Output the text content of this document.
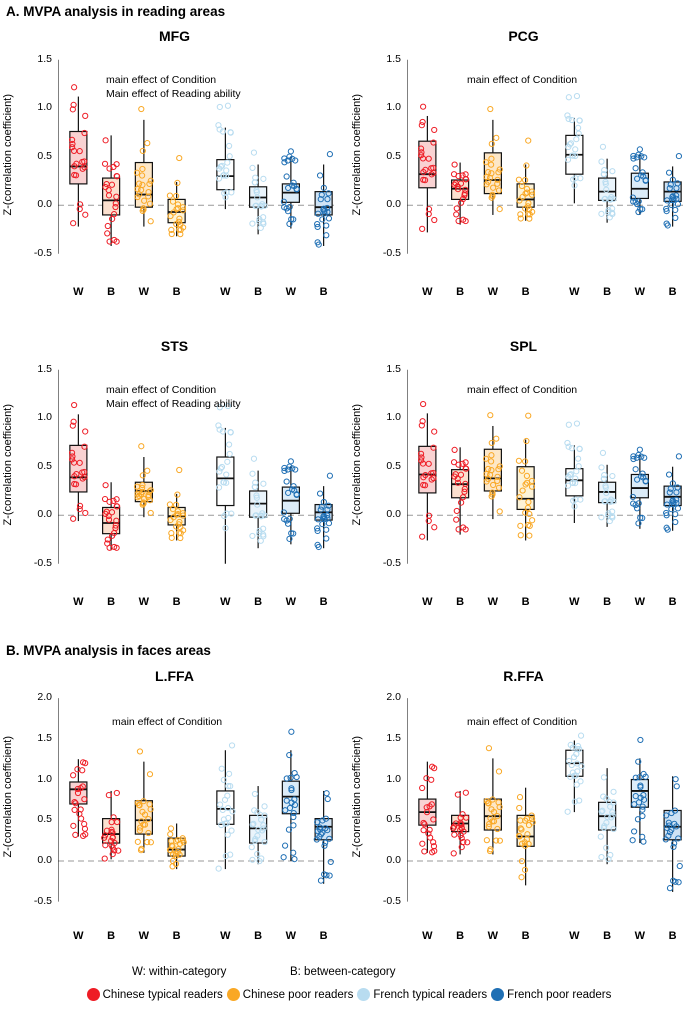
A. MVPA analysis in reading areas
B. MVPA analysis in faces areas
MFG
Z-(correlation coefficient)
1.5
1.0
0.5
0.0
-0.5
W	B	W	B	W	B	W	B
main effect of Condition
Main effect of Reading ability
PCG
Z-(correlation coefficient)
1.5
1.0
0.5
0.0
-0.5
W	B	W	B	W	B	W	B
main effect of Condition
STS
Z-(correlation coefficient)
1.5
1.0
0.5
0.0
-0.5
W	B	W	B	W	B	W	B
main effect of Condition
Main effect of Reading ability
SPL
Z-(correlation coefficient)
1.5
1.0
0.5
0.0
-0.5
W	B	W	B	W	B	W	B
main effect of Condition
L.FFA
Z-(correlation coefficient)
2.0
1.5
1.0
0.5
0.0
-0.5
W	B	W	B	W	B	W	B
main effect of Condition
R.FFA
Z-(correlation coefficient)
2.0
1.5
1.0
0.5
0.0
-0.5
W	B	W	B	W	B	W	B
main effect of Condition
W: within-category	B: between-category
Chinese typical readers Chinese poor readers French typical readers French poor readers
